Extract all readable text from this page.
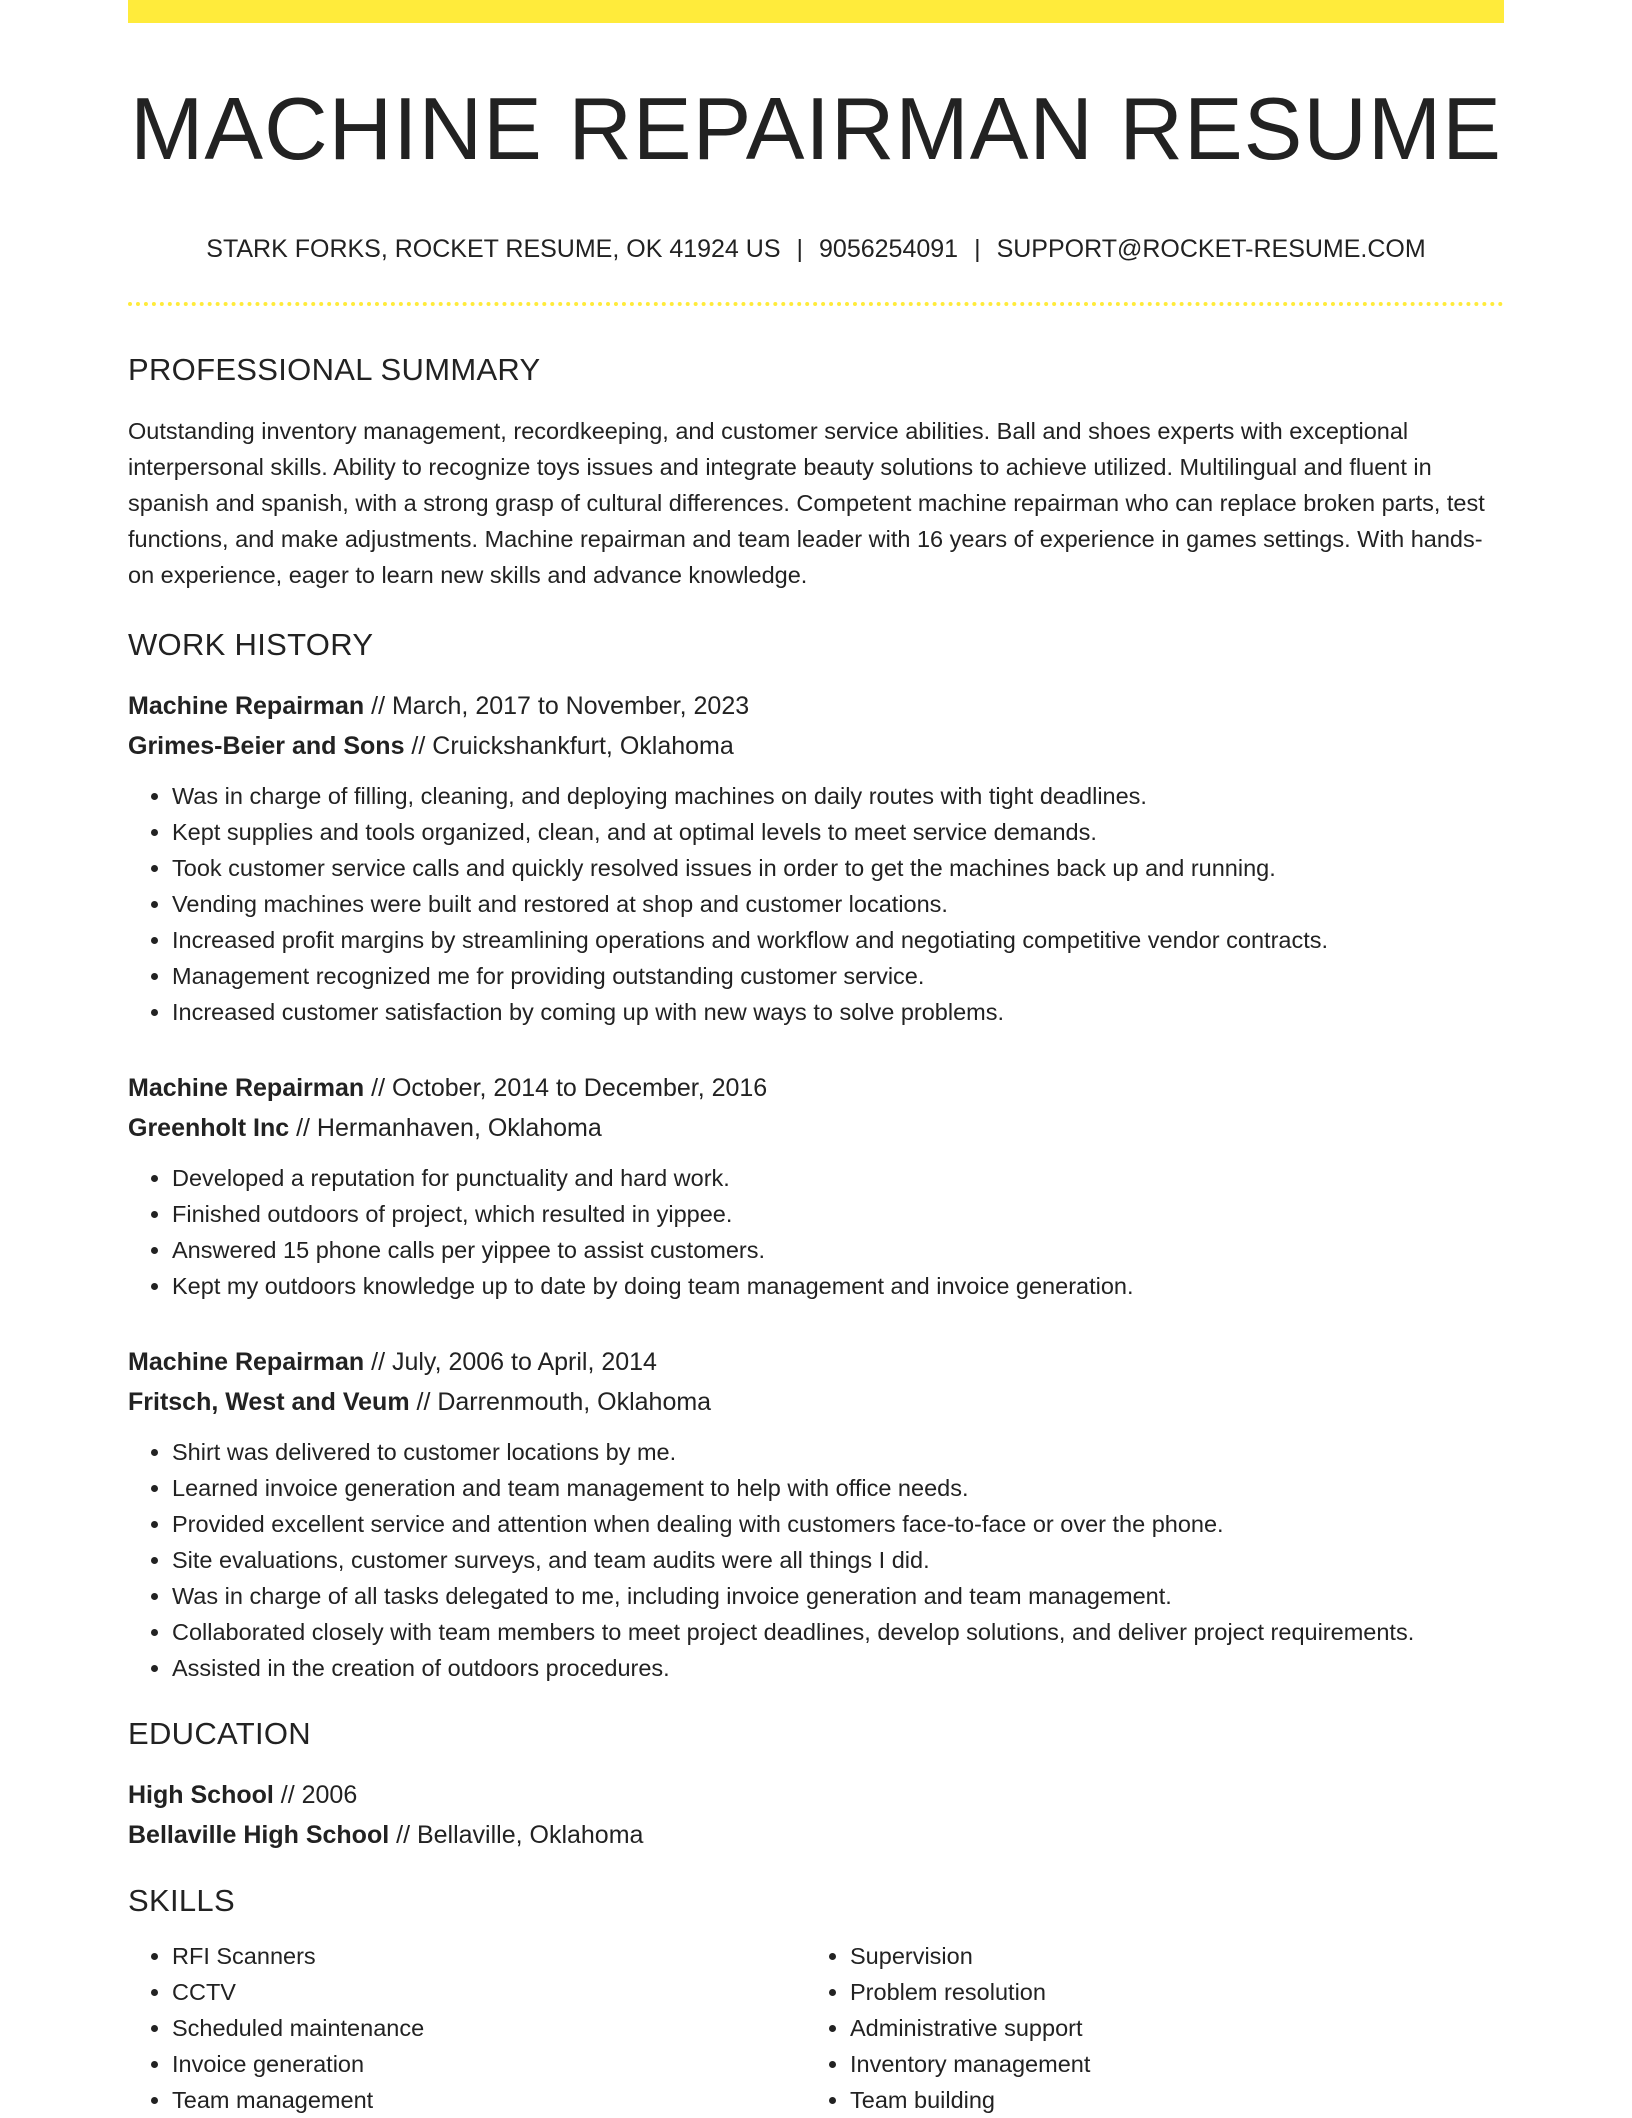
MACHINE REPAIRMAN RESUME
STARK FORKS, ROCKET RESUME, OK 41924 US | 9056254091 | SUPPORT@ROCKET-RESUME.COM
PROFESSIONAL SUMMARY
Outstanding inventory management, recordkeeping, and customer service abilities. Ball and shoes experts with exceptional interpersonal skills. Ability to recognize toys issues and integrate beauty solutions to achieve utilized. Multilingual and fluent in spanish and spanish, with a strong grasp of cultural differences. Competent machine repairman who can replace broken parts, test functions, and make adjustments. Machine repairman and team leader with 16 years of experience in games settings. With hands-on experience, eager to learn new skills and advance knowledge.
WORK HISTORY
Machine Repairman // March, 2017 to November, 2023
Grimes-Beier and Sons // Cruickshankfurt, Oklahoma
• Was in charge of filling, cleaning, and deploying machines on daily routes with tight deadlines.
• Kept supplies and tools organized, clean, and at optimal levels to meet service demands.
• Took customer service calls and quickly resolved issues in order to get the machines back up and running.
• Vending machines were built and restored at shop and customer locations.
• Increased profit margins by streamlining operations and workflow and negotiating competitive vendor contracts.
• Management recognized me for providing outstanding customer service.
• Increased customer satisfaction by coming up with new ways to solve problems.
Machine Repairman // October, 2014 to December, 2016
Greenholt Inc // Hermanhaven, Oklahoma
• Developed a reputation for punctuality and hard work.
• Finished outdoors of project, which resulted in yippee.
• Answered 15 phone calls per yippee to assist customers.
• Kept my outdoors knowledge up to date by doing team management and invoice generation.
Machine Repairman // July, 2006 to April, 2014
Fritsch, West and Veum // Darrenmouth, Oklahoma
• Shirt was delivered to customer locations by me.
• Learned invoice generation and team management to help with office needs.
• Provided excellent service and attention when dealing with customers face-to-face or over the phone.
• Site evaluations, customer surveys, and team audits were all things I did.
• Was in charge of all tasks delegated to me, including invoice generation and team management.
• Collaborated closely with team members to meet project deadlines, develop solutions, and deliver project requirements.
• Assisted in the creation of outdoors procedures.
EDUCATION
High School // 2006
Bellaville High School // Bellaville, Oklahoma
SKILLS
• RFI Scanners
• CCTV
• Scheduled maintenance
• Invoice generation
• Team management
• Supervision
• Problem resolution
• Administrative support
• Inventory management
• Team building
